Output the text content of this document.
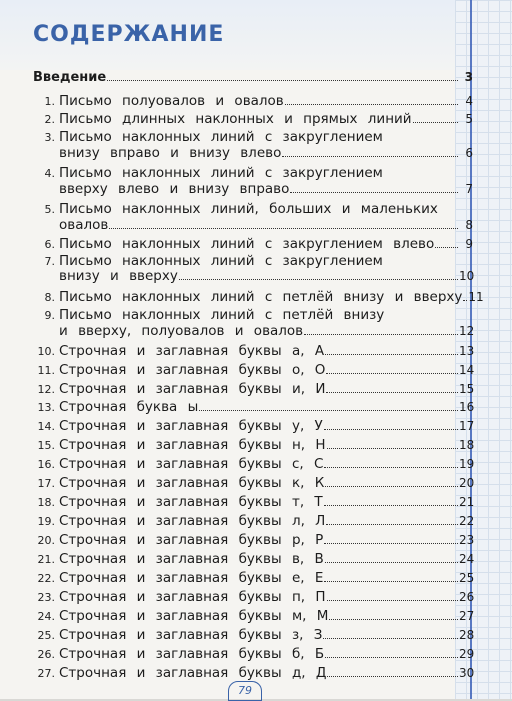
СОДЕРЖАНИЕ
Введение	3
1. Письмо полуовалов и овалов	4
2. Письмо длинных наклонных и прямых линий	5
3. Письмо наклонных линий с закруглением
внизу вправо и внизу влево	6
4. Письмо наклонных линий с закруглением
вверху влево и внизу вправо	7
5. Письмо наклонных линий, больших и маленьких
овалов	8
6. Письмо наклонных линий с закруглением влево	9
7. Письмо наклонных линий с закруглением
внизу и вверху	10
8. Письмо наклонных линий с петлёй внизу и вверху 11
9. Письмо наклонных линий с петлёй внизу
и вверху, полуовалов и овалов	12
10. Строчная и заглавная буквы а, А	13
11. Строчная и заглавная буквы о, О	14
12. Строчная и заглавная буквы и, И	15
13. Строчная буква ы	16
14. Строчная и заглавная буквы у, У	17
15. Строчная и заглавная буквы н, Н	18
16. Строчная и заглавная буквы с, С	19
17. Строчная и заглавная буквы к, К	20
18. Строчная и заглавная буквы т, Т	21
19. Строчная и заглавная буквы л, Л	22
20. Строчная и заглавная буквы р, Р	23
21. Строчная и заглавная буквы в, В	24
22. Строчная и заглавная буквы е, Е	25
23. Строчная и заглавная буквы п, П	26
24. Строчная и заглавная буквы м, М	27
25. Строчная и заглавная буквы з, З	28
26. Строчная и заглавная буквы б, Б	29
27. Строчная и заглавная буквы д, Д	30
79
